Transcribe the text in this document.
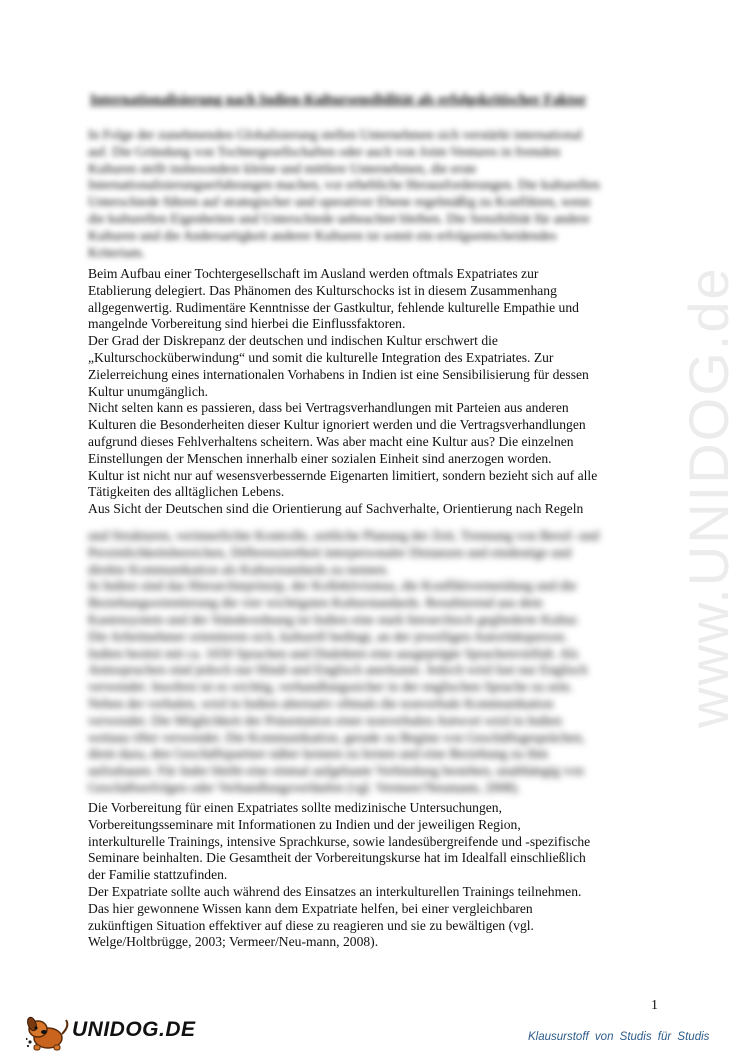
www.UNIDOG.de
Internationalisierung nach Indien-Kultursensibilität als erfolgskritischer Faktor
In Folge der zunehmenden Globalisierung stellen Unternehmen sich verstärkt international
auf. Die Gründung von Tochtergesellschaften oder auch von Joint-Ventures in fremden
Kulturen stellt insbesondere kleine und mittlere Unternehmen, die erste
Internationalisierungserfahrungen machen, vor erhebliche Herausforderungen. Die kulturellen
Unterschiede führen auf strategischer und operativer Ebene regelmäßig zu Konflikten, wenn
die kulturellen Eigenheiten und Unterschiede unbeachtet bleiben. Die Sensibilität für andere
Kulturen und die Andersartigkeit anderer Kulturen ist somit ein erfolgsentscheidendes
Kriterium.
Beim Aufbau einer Tochtergesellschaft im Ausland werden oftmals Expatriates zur
Etablierung delegiert. Das Phänomen des Kulturschocks ist in diesem Zusammenhang
allgegenwertig. Rudimentäre Kenntnisse der Gastkultur, fehlende kulturelle Empathie und
mangelnde Vorbereitung sind hierbei die Einflussfaktoren.
Der Grad der Diskrepanz der deutschen und indischen Kultur erschwert die
„Kulturschocküberwindung“ und somit die kulturelle Integration des Expatriates. Zur
Zielerreichung eines internationalen Vorhabens in Indien ist eine Sensibilisierung für dessen
Kultur unumgänglich.
Nicht selten kann es passieren, dass bei Vertragsverhandlungen mit Parteien aus anderen
Kulturen die Besonderheiten dieser Kultur ignoriert werden und die Vertragsverhandlungen
aufgrund dieses Fehlverhaltens scheitern. Was aber macht eine Kultur aus? Die einzelnen
Einstellungen der Menschen innerhalb einer sozialen Einheit sind anerzogen worden.
Kultur ist nicht nur auf wesensverbessernde Eigenarten limitiert, sondern bezieht sich auf alle
Tätigkeiten des alltäglichen Lebens.
Aus Sicht der Deutschen sind die Orientierung auf Sachverhalte, Orientierung nach Regeln
und Strukturen, verinnerlichte Kontrolle, zeitliche Planung der Zeit, Trennung von Beruf- und
Persönlichkeitsbereichen, Differenziertheit interpersonaler Distanzen und eindeutige und
direkte Kommunikation als Kulturstandards zu nennen.
In Indien sind das Hierarchieprinzip, der Kollektivismus, die Konfliktvermeidung und die
Beziehungsorientierung die vier wichtigsten Kulturstandards. Resultierend aus dem
Kastensystem und der Ständeordnung ist Indien eine stark hierarchisch gegliederte Kultur.
Die Arbeitnehmer orientieren sich, kulturell bedingt, an der jeweiligen Autoritätsperson.
Indien besitzt mit ca. 1650 Sprachen und Dialekten eine ausgeprägte Sprachenvielfalt. Als
Amtssprachen sind jedoch nur Hindi und Englisch anerkannt. Jedoch wird fast nur Englisch
verwendet. Insofern ist es wichtig, verhandlungssicher in der englischen Sprache zu sein.
Neben der verbalen, wird in Indien alternativ oftmals die nonverbale Kommunikation
verwendet. Die Möglichkeit der Präsentation einer nonverbalen Antwort wird in Indien
weitaus öfter verwendet. Die Kommunikation, gerade zu Beginn von Geschäftsgesprächen,
dient dazu, den Geschäftspartner näher kennen zu lernen und eine Beziehung zu ihm
aufzubauen. Für Inder bleibt eine einmal aufgebaute Verbindung bestehen, unabhängig von
Geschäftserfolgen oder Verhandlungsverläufen (vgl. Vermeer/Neumann, 2008).
Die Vorbereitung für einen Expatriates sollte medizinische Untersuchungen,
Vorbereitungsseminare mit Informationen zu Indien und der jeweiligen Region,
interkulturelle Trainings, intensive Sprachkurse, sowie landesübergreifende und -spezifische
Seminare beinhalten. Die Gesamtheit der Vorbereitungskurse hat im Idealfall einschließlich
der Familie stattzufinden.
Der Expatriate sollte auch während des Einsatzes an interkulturellen Trainings teilnehmen.
Das hier gewonnene Wissen kann dem Expatriate helfen, bei einer vergleichbaren
zukünftigen Situation effektiver auf diese zu reagieren und sie zu bewältigen (vgl.
Welge/Holtbrügge, 2003; Vermeer/Neu-mann, 2008).
1
UNIDOG.DE	Klausurstoff von Studis für Studis
